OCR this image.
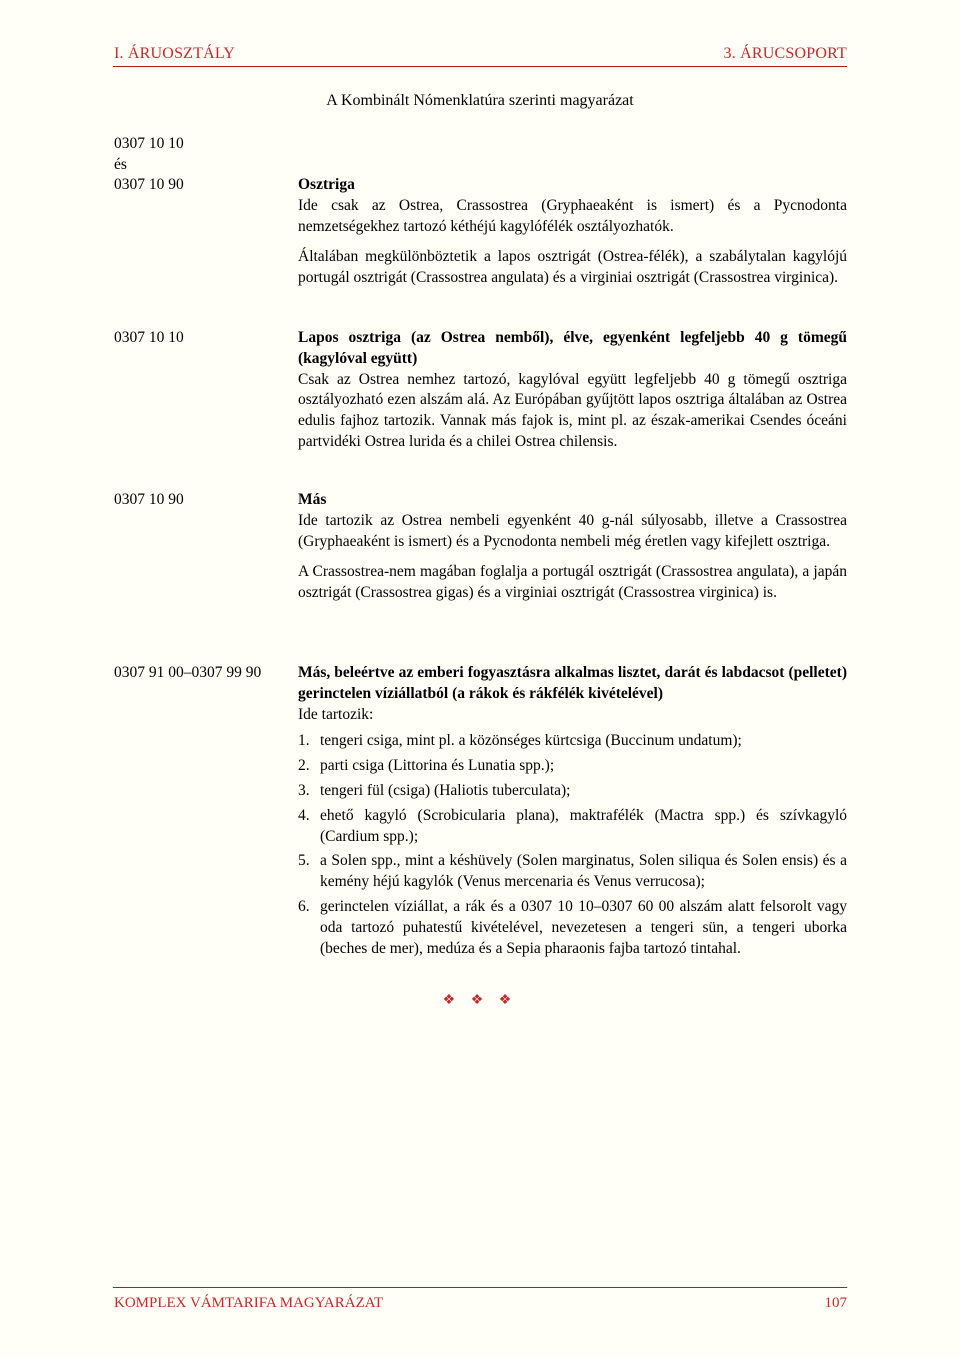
I. ÁRUOSZTÁLY	3. ÁRUCSOPORT
A Kombinált Nómenklatúra szerinti magyarázat
0307 10 10
és
0307 10 90	Osztriga

Ide csak az Ostrea, Crassostrea (Gryphaeaként is ismert) és a Pycnodonta nemzetségekhez tartozó kéthéjú kagylófélék osztályozhatók.

Általában megkülönböztetik a lapos osztrigát (Ostrea-félék), a szabálytalan kagylójú portugál osztrigát (Crassostrea angulata) és a virginiai osztrigát (Crassostrea virginica).

0307 10 10	Lapos osztriga (az Ostrea nemből), élve, egyenként legfeljebb 40 g tömegű (kagylóval együtt)

Csak az Ostrea nemhez tartozó, kagylóval együtt legfeljebb 40 g tömegű osztriga osztályozható ezen alszám alá. Az Európában gyűjtött lapos osztriga általában az Ostrea edulis fajhoz tartozik. Vannak más fajok is, mint pl. az észak-amerikai Csendes óceáni partvidéki Ostrea lurida és a chilei Ostrea chilensis.

0307 10 90	Más

Ide tartozik az Ostrea nembeli egyenként 40 g-nál súlyosabb, illetve a Crassostrea (Gryphaeaként is ismert) és a Pycnodonta nembeli még éretlen vagy kifejlett osztriga.

A Crassostrea-nem magában foglalja a portugál osztrigát (Crassostrea angulata), a japán osztrigát (Crassostrea gigas) és a virginiai osztrigát (Crassostrea virginica) is.

0307 91 00–0307 99 90 Más, beleértve az emberi fogyasztásra alkalmas lisztet, darát és labdacsot (pelletet) gerinctelen víziállatból (a rákok és rákfélék kivételével)

Ide tartozik:

1. tengeri csiga, mint pl. a közönséges kürtcsiga (Buccinum undatum);
2. parti csiga (Littorina és Lunatia spp.);
3. tengeri fül (csiga) (Haliotis tuberculata);
4. ehető kagyló (Scrobicularia plana), maktrafélék (Mactra spp.) és szívkagyló (Cardium spp.);
5. a Solen spp., mint a késhüvely (Solen marginatus, Solen siliqua és Solen ensis) és a kemény héjú kagylók (Venus mercenaria és Venus verrucosa);
6. gerinctelen víziállat, a rák és a 0307 10 10–0307 60 00 alszám alatt felsorolt vagy oda tartozó puhatestű kivételével, nevezetesen a tengeri sün, a tengeri uborka (beches de mer), medúza és a Sepia pharaonis fajba tartozó tintahal.
❖ ❖ ❖
KOMPLEX VÁMTARIFA MAGYARÁZAT	107
